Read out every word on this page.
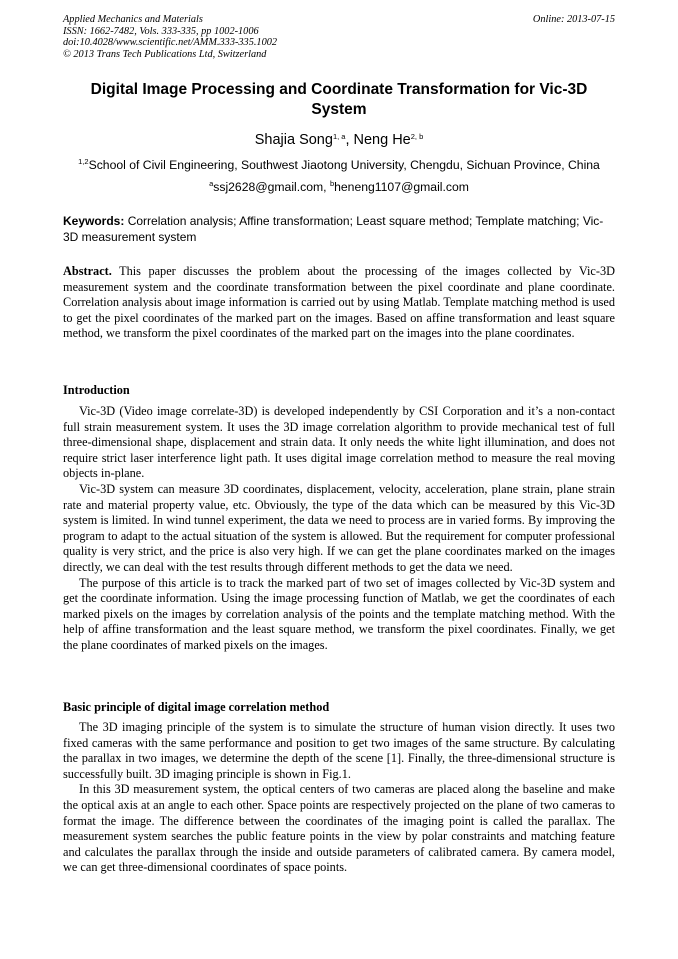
Applied Mechanics and Materials
ISSN: 1662-7482, Vols. 333-335, pp 1002-1006
doi:10.4028/www.scientific.net/AMM.333-335.1002
© 2013 Trans Tech Publications Ltd, Switzerland
Online: 2013-07-15
Digital Image Processing and Coordinate Transformation for Vic-3D System
Shajia Song$^{1, a}$, Neng He$^{2, b}$
$^{1,2}$School of Civil Engineering, Southwest Jiaotong University, Chengdu, Sichuan Province, China
$^a$ssj2628@gmail.com, $^b$heneng1107@gmail.com
Keywords: Correlation analysis; Affine transformation; Least square method; Template matching; Vic-3D measurement system
Abstract. This paper discusses the problem about the processing of the images collected by Vic-3D measurement system and the coordinate transformation between the pixel coordinate and plane coordinate. Correlation analysis about image information is carried out by using Matlab. Template matching method is used to get the pixel coordinates of the marked part on the images. Based on affine transformation and least square method, we transform the pixel coordinates of the marked part on the images into the plane coordinates.
Introduction

Vic-3D (Video image correlate-3D) is developed independently by CSI Corporation and it’s a non-contact full strain measurement system. It uses the 3D image correlation algorithm to provide mechanical test of full three-dimensional shape, displacement and strain data. It only needs the white light illumination, and does not require strict laser interference light path. It uses digital image correlation method to measure the real moving objects in-plane.

Vic-3D system can measure 3D coordinates, displacement, velocity, acceleration, plane strain, plane strain rate and material property value, etc. Obviously, the type of the data which can be measured by this Vic-3D system is limited. In wind tunnel experiment, the data we need to process are in varied forms. By improving the program to adapt to the actual situation of the system is allowed. But the requirement for computer professional quality is very strict, and the price is also very high. If we can get the plane coordinates marked on the images directly, we can deal with the test results through different methods to get the data we need.

The purpose of this article is to track the marked part of two set of images collected by Vic-3D system and get the coordinate information. Using the image processing function of Matlab, we get the coordinates of each marked pixels on the images by correlation analysis of the points and the template matching method. With the help of affine transformation and the least square method, we transform the pixel coordinates. Finally, we get the plane coordinates of marked pixels on the images.

Basic principle of digital image correlation method

The 3D imaging principle of the system is to simulate the structure of human vision directly. It uses two fixed cameras with the same performance and position to get two images of the same structure. By calculating the parallax in two images, we determine the depth of the scene [1]. Finally, the three-dimensional structure is successfully built. 3D imaging principle is shown in Fig.1.

In this 3D measurement system, the optical centers of two cameras are placed along the baseline and make the optical axis at an angle to each other. Space points are respectively projected on the plane of two cameras to format the image. The difference between the coordinates of the imaging point is called the parallax. The measurement system searches the public feature points in the view by polar constraints and matching feature and calculates the parallax through the inside and outside parameters of calibrated camera. By camera model, we can get three-dimensional coordinates of space points.
